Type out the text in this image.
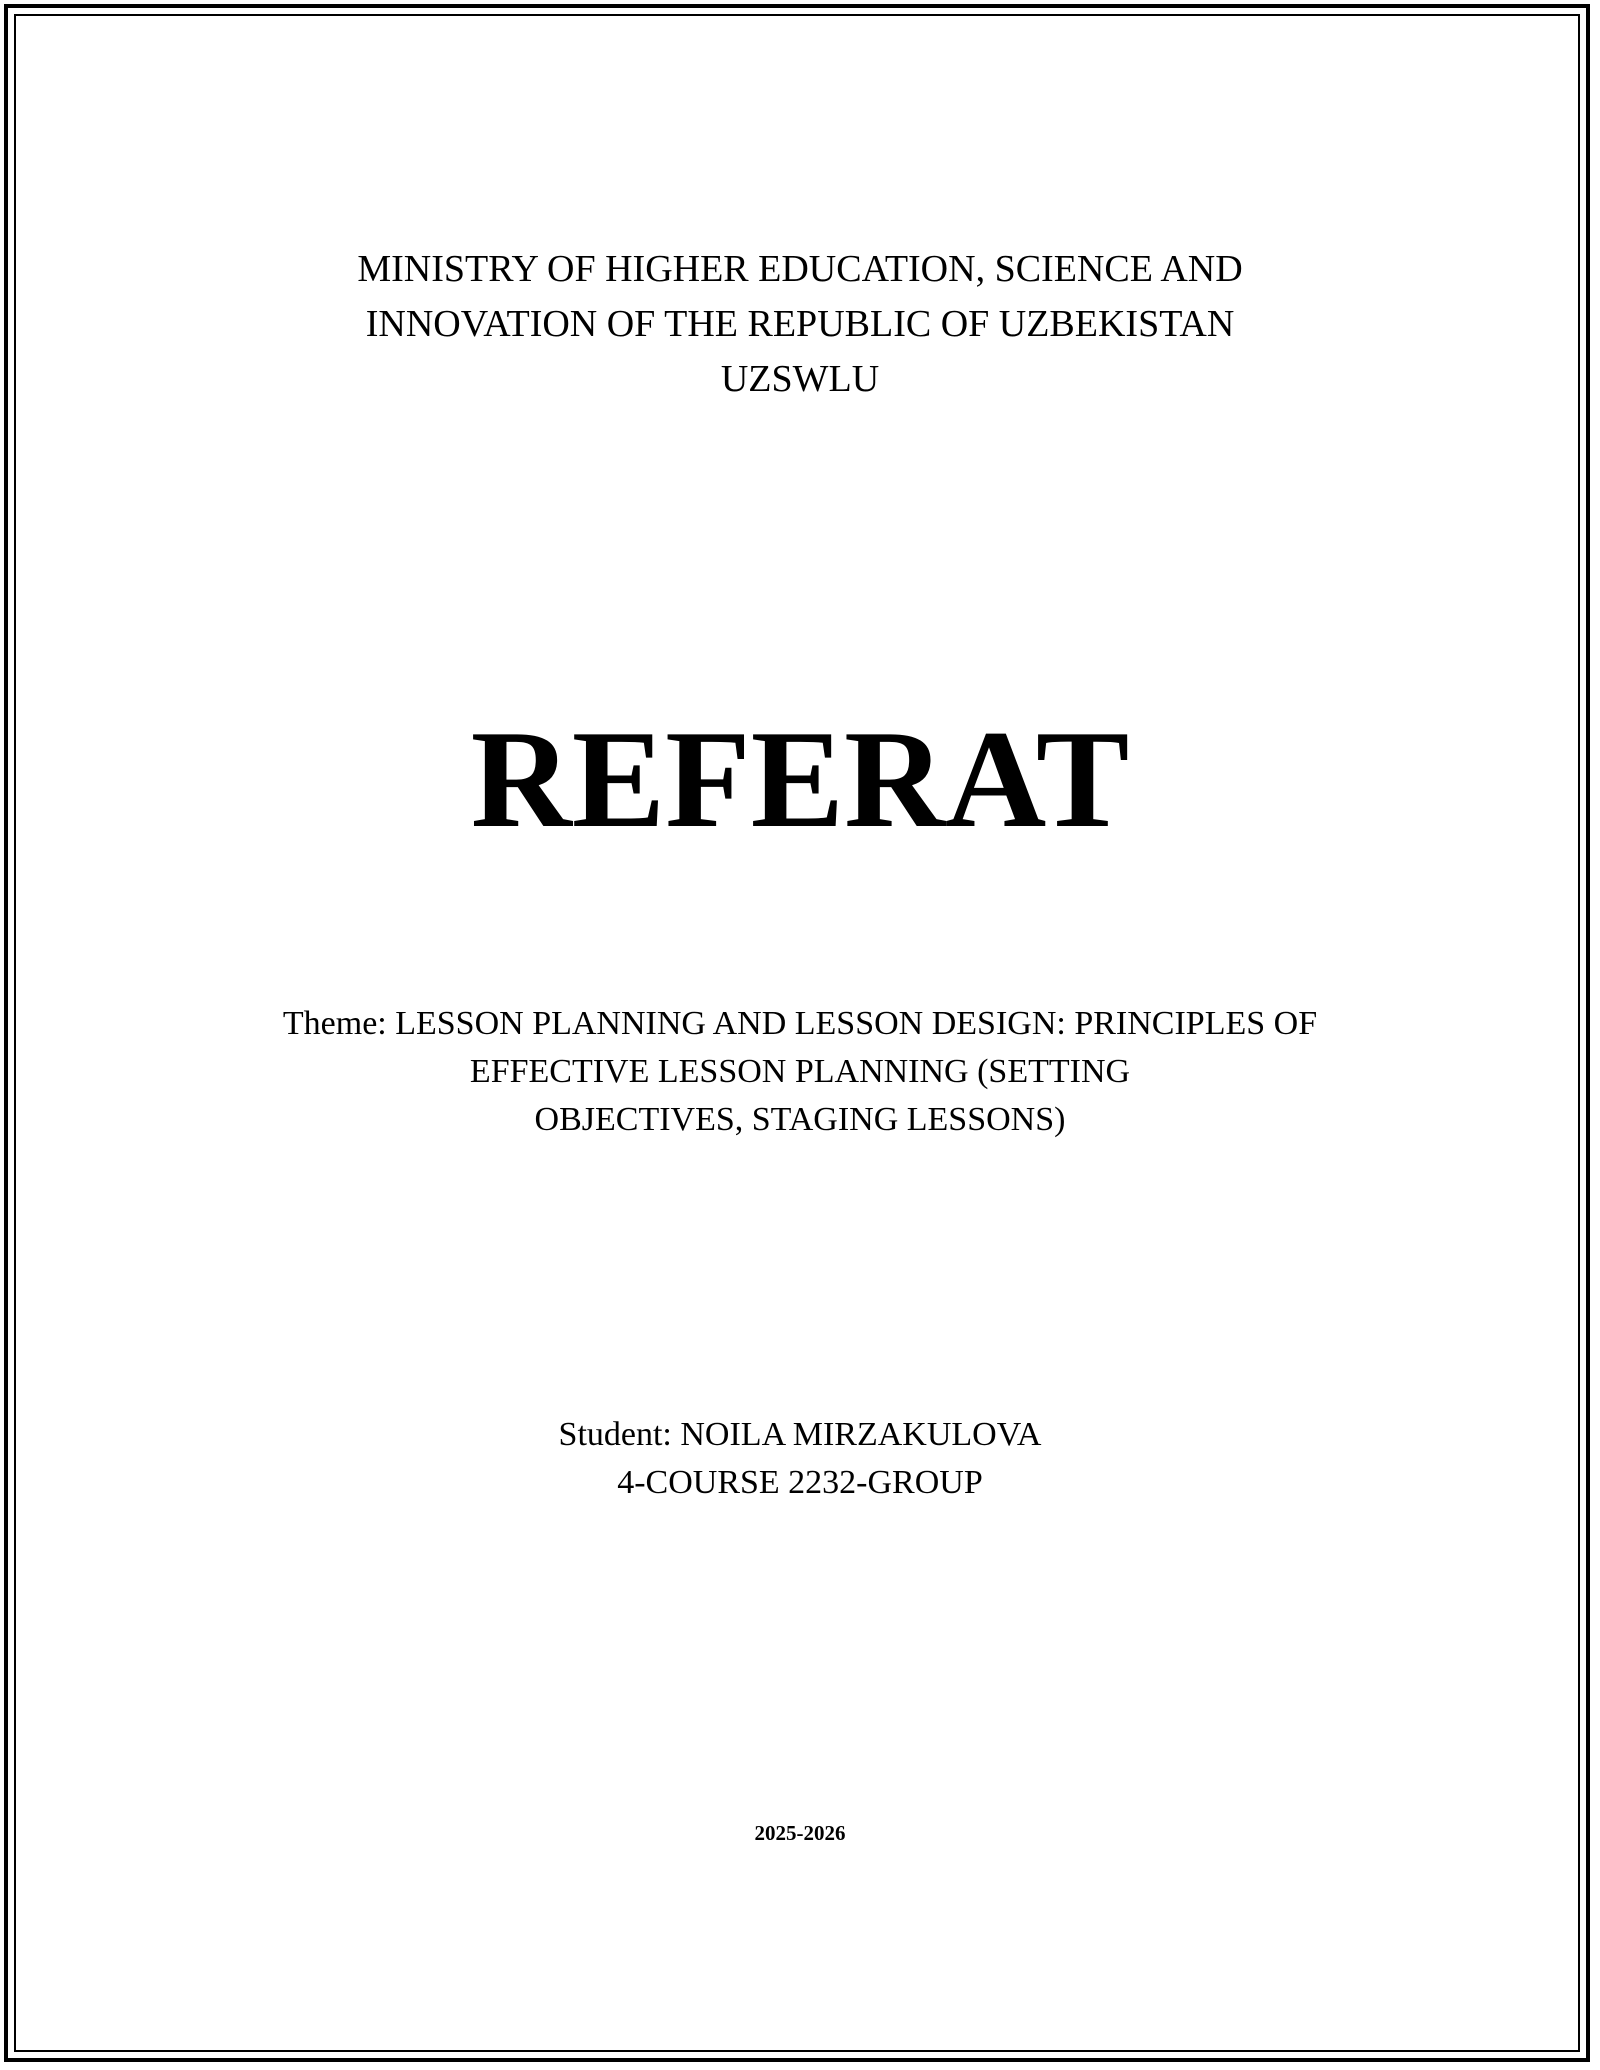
MINISTRY OF HIGHER EDUCATION, SCIENCE AND
INNOVATION OF THE REPUBLIC OF UZBEKISTAN
UZSWLU
REFERAT
Theme: LESSON PLANNING AND LESSON DESIGN: PRINCIPLES OF
EFFECTIVE LESSON PLANNING (SETTING
OBJECTIVES, STAGING LESSONS)
Student: NOILA MIRZAKULOVA
4-COURSE 2232-GROUP
2025-2026
